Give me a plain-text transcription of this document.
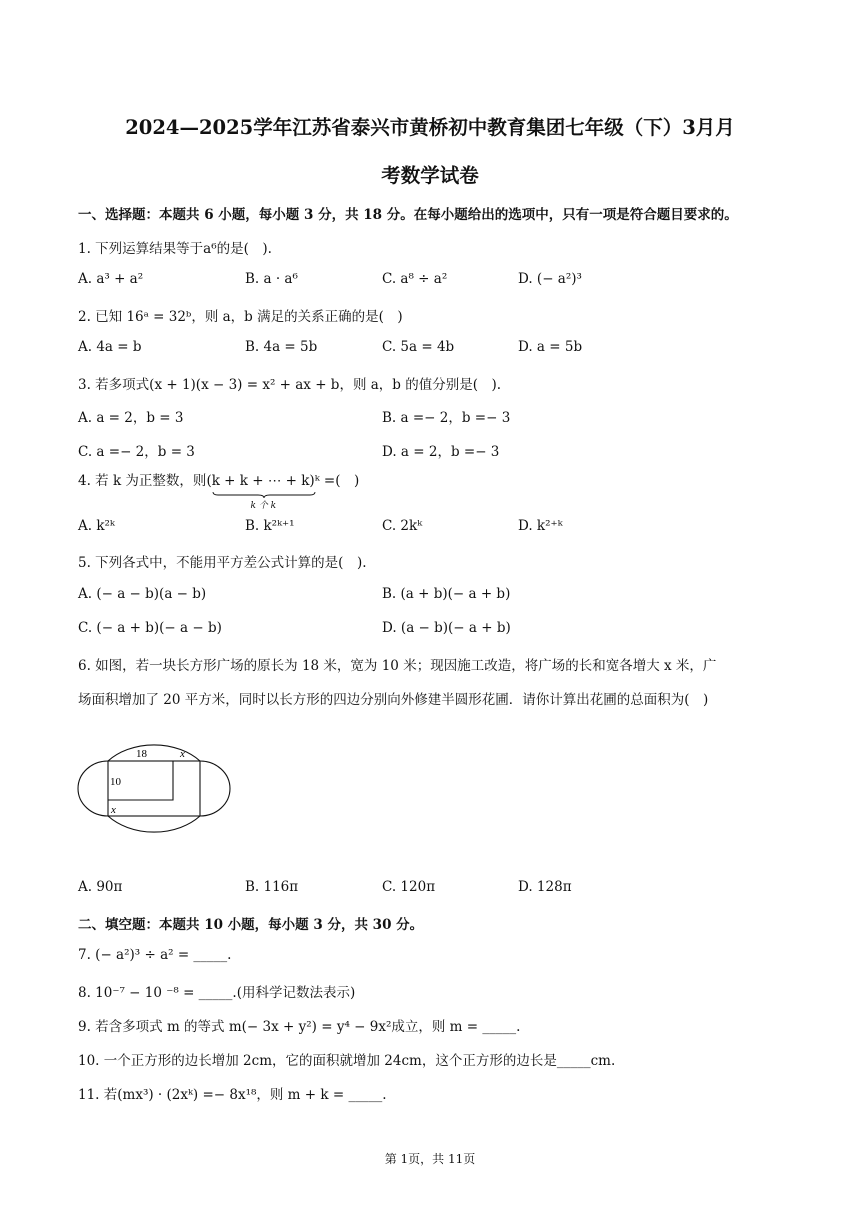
2024—2025学年江苏省泰兴市黄桥初中教育集团七年级（下）3月月
考数学试卷
一、选择题：本题共 6 小题，每小题 3 分，共 18 分。在每小题给出的选项中，只有一项是符合题目要求的。
1. 下列运算结果等于a⁶的是(　).
A. a³ + a²	B. a · a⁶	C. a⁸ ÷ a²	D. (− a²)³
2. 已知 16ᵃ = 32ᵇ，则 a，b 满足的关系正确的是(　)
A. 4a = b	B. 4a = 5b	C. 5a = 4b	D. a = 5b
3. 若多项式(x + 1)(x − 3) = x² + ax + b，则 a，b 的值分别是(　).
A. a = 2，b = 3	B. a =− 2，b =− 3
C. a =− 2，b = 3	D. a = 2，b =− 3
4. 若 k 为正整数，则(k + k + ⋯ + k)
k 个 k
ᵏ =(　)
A. k²ᵏ	B. k²ᵏ⁺¹	C. 2kᵏ	D. k²⁺ᵏ
5. 下列各式中，不能用平方差公式计算的是(　).
A. (− a − b)(a − b)	B. (a + b)(− a + b)
C. (− a + b)(− a − b)	D. (a − b)(− a + b)
6. 如图，若一块长方形广场的原长为 18 米，宽为 10 米；现因施工改造，将广场的长和宽各增大 x 米，广
场面积增加了 20 平方米，同时以长方形的四边分别向外修建半圆形花圃．请你计算出花圃的总面积为(　)
18	x
10
x
A. 90π	B. 116π	C. 120π	D. 128π
二、填空题：本题共 10 小题，每小题 3 分，共 30 分。
7. (− a²)³ ÷ a² = _____.
8. 10⁻⁷ − 10 ⁻⁸ = _____.(用科学记数法表示)
9. 若含多项式 m 的等式 m(− 3x + y²) = y⁴ − 9x²成立，则 m = _____.
10. 一个正方形的边长增加 2cm，它的面积就增加 24cm，这个正方形的边长是_____cm.
11. 若(mx³) · (2xᵏ) =− 8x¹⁸，则 m + k = _____.
第 1页，共 11页
